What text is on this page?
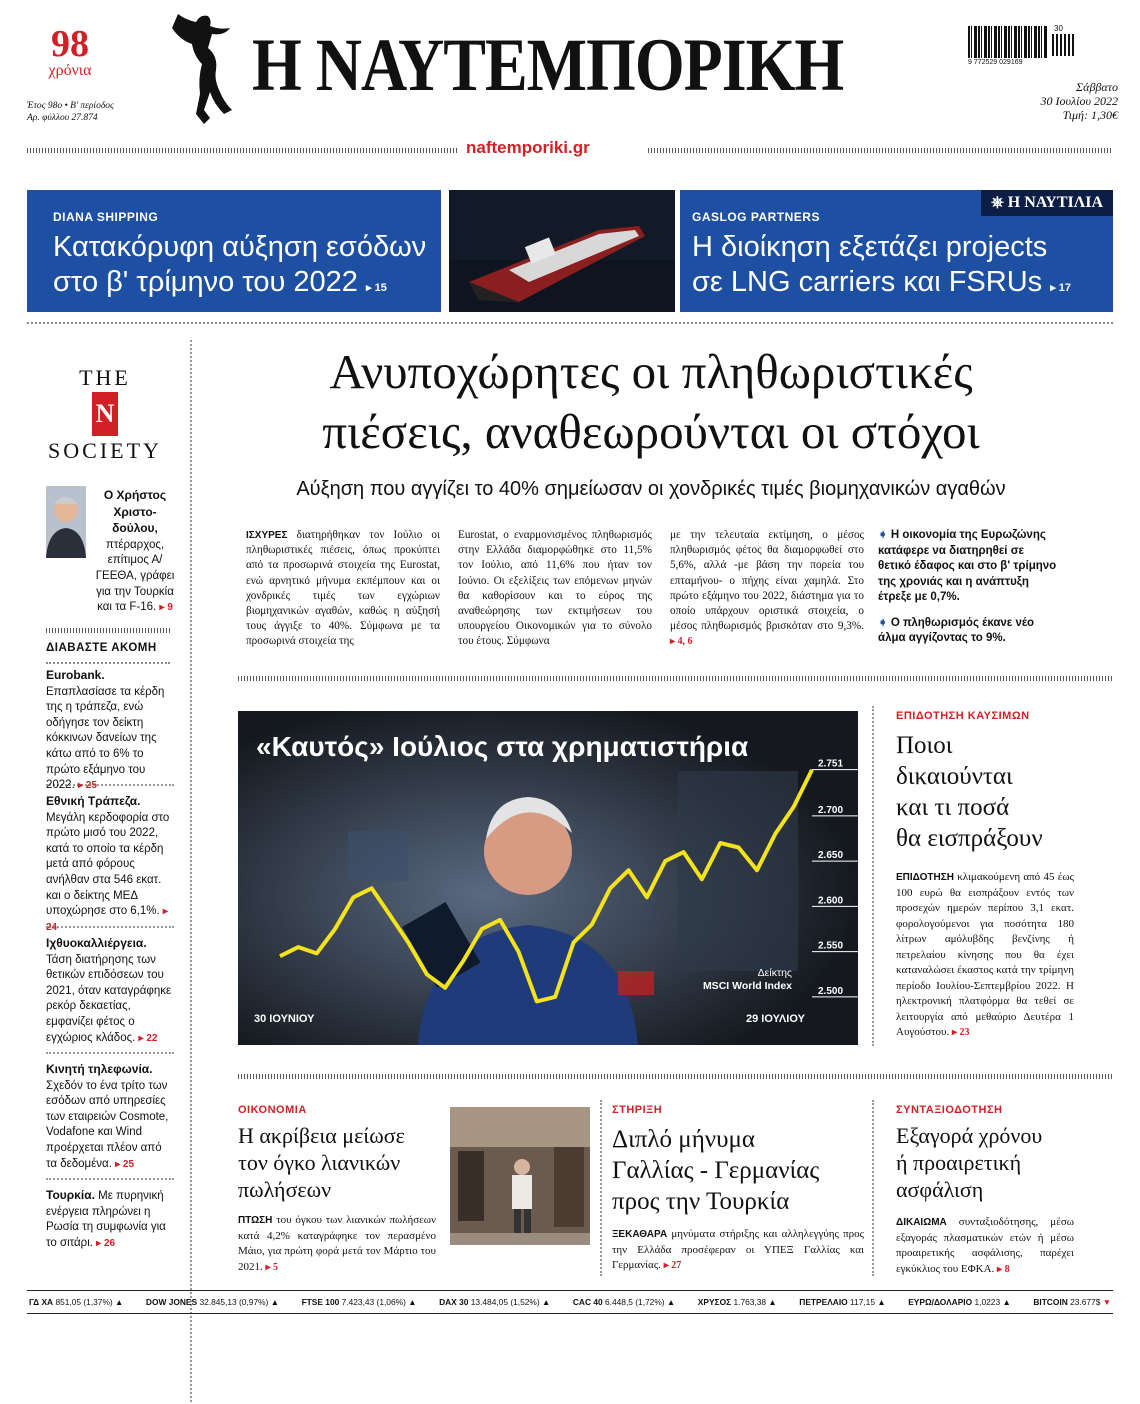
98
χρόνια
Έτος 98ο • Β' περίοδος
Αρ. φύλλου 27.874
Η ΝΑΥΤΕΜΠΟΡΙΚΗ	9 772529 029169
30
Σάββατο
30 Ιουλίου 2022
Τιμή: 1,30€
naftemporiki.gr
DIANA SHIPPING
Κατακόρυφη αύξηση εσόδων
στο β' τρίμηνο του 2022 ▸ 15
⎈ Η ΝΑΥΤΙΛΙΑ
GASLOG PARTNERS
Η διοίκηση εξετάζει projects
σε LNG carriers και FSRUs ▸ 17
THE
N
SOCIETY
Ο Χρήστος Χριστο-δούλου, πτέραρχος, επίτιμος Α/ΓΕΕΘΑ, γράφει για την Τουρκία και τα F-16. ▸ 9
ΔΙΑΒΑΣΤΕ ΑΚΟΜΗ
Eurobank. Επαπλασίασε τα κέρδη της η τράπεζα, ενώ οδήγησε τον δείκτη κόκκινων δανείων της κάτω από το 6% το πρώτο εξάμηνο του 2022. ▸ 25
Εθνική Τράπεζα. Μεγάλη κερδοφορία στο πρώτο μισό του 2022, κατά το οποίο τα κέρδη μετά από φόρους ανήλθαν στα 546 εκατ. και ο δείκτης ΜΕΔ υποχώρησε στο 6,1%. ▸ 24
Ιχθυοκαλλιέργεια. Τάση διατήρησης των θετικών επιδόσεων του 2021, όταν καταγράφηκε ρεκόρ δεκαετίας, εμφανίζει φέτος ο εγχώριος κλάδος. ▸ 22
Κινητή τηλεφωνία. Σχεδόν το ένα τρίτο των εσόδων από υπηρεσίες των εταιρειών Cosmote, Vodafone και Wind προέρχεται πλέον από τα δεδομένα. ▸ 25
Τουρκία. Με πυρηνική ενέργεια πληρώνει η Ρωσία τη συμφωνία για το σιτάρι. ▸ 26
Ανυποχώρητες οι πληθωριστικές
πιέσεις, αναθεωρούνται οι στόχοι
Αύξηση που αγγίζει το 40% σημείωσαν οι χονδρικές τιμές βιομηχανικών αγαθών
ΙΣΧΥΡΕΣ διατηρήθηκαν τον Ιούλιο οι πληθωριστικές πιέσεις, όπως προκύπτει από τα προσωρινά στοιχεία της Eurostat, ενώ αρνητικό μήνυμα εκπέμπουν και οι χονδρικές τιμές των εγχώριων βιομηχανικών αγαθών, καθώς η αύξησή τους άγγιξε το 40%. Σύμφωνα με τα προσωρινά στοιχεία της
Eurostat, ο εναρμονισμένος πληθωρισμός στην Ελλάδα διαμορφώθηκε στο 11,5% τον Ιούλιο, από 11,6% που ήταν τον Ιούνιο. Οι εξελίξεις των επόμενων μηνών θα καθορίσουν και το εύρος της αναθεώρησης των εκτιμήσεων του υπουργείου Οικονομικών για το σύνολο του έτους. Σύμφωνα
με την τελευταία εκτίμηση, ο μέσος πληθωρισμός φέτος θα διαμορφωθεί στο 5,6%, αλλά -με βάση την πορεία του επταμήνου- ο πήχης είναι χαμηλά. Στο πρώτο εξάμηνο του 2022, διάστημα για το οποίο υπάρχουν οριστικά στοιχεία, ο μέσος πληθωρισμός βρισκόταν στο 9,3%. ▸ 4, 6
➧ Η οικονομία της Ευρωζώνης κατάφερε να διατηρηθεί σε θετικό έδαφος και στο β' τρίμηνο της χρονιάς και η ανάπτυξη έτρεξε με 0,7%.
➧ Ο πληθωρισμός έκανε νέο άλμα αγγίζοντας το 9%.
2.751
2.700
2.650
2.600
2.550
2.500
«Καυτός» Ιούλιος στα χρηματιστήρια
Δείκτης
MSCI World Index
30 ΙΟΥΝΙΟΥ	29 ΙΟΥΛΙΟΥ
ΕΠΙΔΟΤΗΣΗ ΚΑΥΣΙΜΩΝ
Ποιοι
δικαιούνται
και τι ποσά
θα εισπράξουν
ΕΠΙΔΟΤΗΣΗ κλιμακούμενη από 45 έως 100 ευρώ θα εισπράξουν εντός των προσεχών ημερών περίπου 3,1 εκατ. φορολογούμενοι για ποσότητα 180 λίτρων αμόλυβδης βενζίνης ή πετρελαίου κίνησης που θα έχει καταναλώσει έκαστος κατά την τρίμηνη περίοδο Ιουλίου-Σεπτεμβρίου 2022. Η ηλεκτρονική πλατφόρμα θα τεθεί σε λειτουργία από μεθαύριο Δευτέρα 1 Αυγούστου. ▸ 23
ΟΙΚΟΝΟΜΙΑ
Η ακρίβεια μείωσε
τον όγκο λιανικών
πωλήσεων
ΠΤΩΣΗ του όγκου των λιανικών πωλήσεων κατά 4,2% καταγράφηκε τον περασμένο Μάιο, για πρώτη φορά μετά τον Μάρτιο του 2021. ▸ 5
ΣΤΗΡΙΞΗ
Διπλό μήνυμα
Γαλλίας - Γερμανίας
προς την Τουρκία
ΞΕΚΑΘΑΡΑ μηνύματα στήριξης και αλληλεγγύης προς την Ελλάδα προσέφεραν οι ΥΠΕΞ Γαλλίας και Γερμανίας. ▸ 27
ΣΥΝΤΑΞΙΟΔΟΤΗΣΗ
Εξαγορά χρόνου
ή προαιρετική
ασφάλιση
ΔΙΚΑΙΩΜΑ συνταξιοδότησης, μέσω εξαγοράς πλασματικών ετών ή μέσω προαιρετικής ασφάλισης, παρέχει εγκύκλιος του ΕΦΚΑ. ▸ 8
ΓΔ ΧΑ 851,05 (1,37%) ▲	DOW JONES 32.845,13 (0,97%) ▲	FTSE 100 7.423,43 (1,06%) ▲	DAX 30 13.484,05 (1,52%) ▲	CAC 40 6.448,5 (1,72%) ▲	ΧΡΥΣΟΣ 1.763,38 ▲	ΠΕΤΡΕΛΑΙΟ 117,15 ▲	ΕΥΡΩ/ΔΟΛΑΡΙΟ 1,0223 ▲	BITCOIN 23.677$ ▼
